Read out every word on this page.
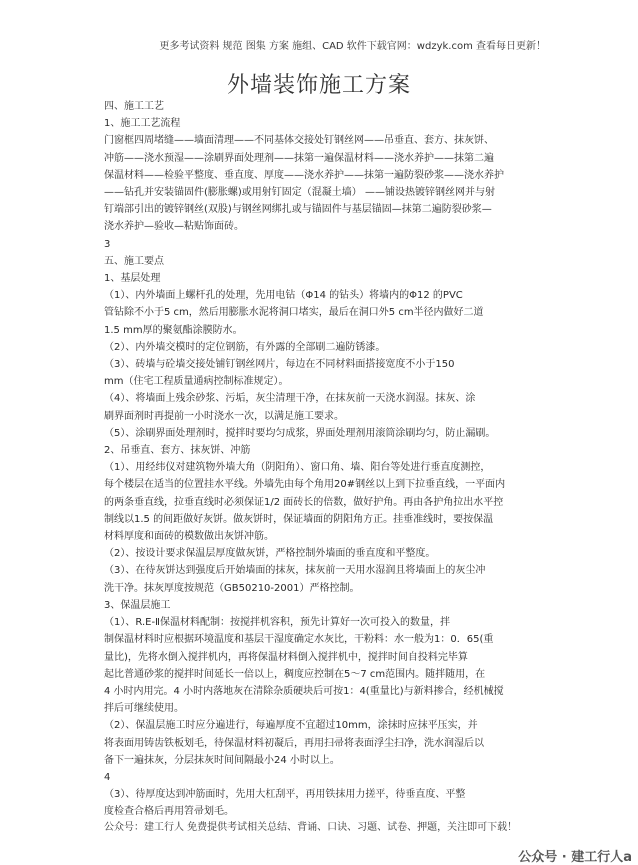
更多考试资料 规范 图集 方案 施组、CAD 软件下载官网：wdzyk.com 查看每日更新！
外墙装饰施工方案
四、施工工艺
1、施工工艺流程
门窗框四周堵缝——墙面清理——不同基体交接处钉钢丝网——吊垂直、套方、抹灰饼、
冲筋——浇水预湿——涂刷界面处理剂——抹第一遍保温材料——浇水养护——抹第二遍
保温材料——检验平整度、垂直度、厚度——浇水养护——抹第一遍防裂砂浆——浇水养护
——钻孔并安装锚固件(膨胀螺)或用射钉固定（混凝土墙） ——铺设热镀锌钢丝网并与射
钉端部引出的镀锌钢丝(双股)与钢丝网绑扎或与锚固件与基层锚固—抹第二遍防裂砂浆—
浇水养护—验收—粘贴饰面砖。
3
五、施工要点
1、基层处理
（1）、内外墙面上螺杆孔的处理，先用电钻（Φ14 的钻头）将墙内的Φ12 的PVC
管钻除不小于5 cm，然后用膨胀水泥将洞口堵实，最后在洞口外5 cm半径内做好二道
1.5 mm厚的聚氨酯涂膜防水。
（2）、内外墙交模时的定位钢筋，有外露的全部刷二遍防锈漆。
（3）、砖墙与砼墙交接处铺钉钢丝网片，每边在不同材料面搭接宽度不小于150
mm（住宅工程质量通病控制标准规定）。
（4）、将墙面上残余砂浆、污垢，灰尘清理干净，在抹灰前一天浇水润湿。抹灰、涂
刷界面剂时再提前一小时浇水一次，以满足施工要求。
（5）、涂刷界面处理剂时，搅拌时要均匀成浆，界面处理剂用滚筒涂刷均匀，防止漏刷。
2、吊垂直、套方、抹灰饼、冲筋
（1）、用经纬仪对建筑物外墙大角（阴阳角）、窗口角、墙、阳台等处进行垂直度测控，
每个楼层在适当的位置挂水平线。外墙先由每个角用20#钢丝以上到下拉垂直线，一平面内
的两条垂直线，拉垂直线时必须保证1/2 面砖长的倍数，做好护角。再由各护角拉出水平控
制线以1.5 的间距做好灰饼。做灰饼时，保证墙面的阴阳角方正。挂垂准线时，要按保温
材料厚度和面砖的模数做出灰饼冲筋。
（2）、按设计要求保温层厚度做灰饼，严格控制外墙面的垂直度和平整度。
（3）、在待灰饼达到强度后开始墙面的抹灰，抹灰前一天用水湿润且将墙面上的灰尘冲
洗干净。抹灰厚度按规范（GB50210-2001）严格控制。
3、保温层施工
（1）、R.E-Ⅱ保温材料配制：按搅拌机容积，预先计算好一次可投入的数量，拌
制保温材料时应根据环境温度和基层干湿度确定水灰比，干粉料：水一般为1：0．65(重
量比)，先将水倒入搅拌机内，再将保温材料倒入搅拌机中，搅拌时间自投料完毕算
起比普通砂浆的搅拌时间延长一倍以上，稠度应控制在5～7 cm范围内。随拌随用，在
4 小时内用完。4 小时内落地灰在清除杂质硬块后可按1：4(重量比)与新料掺合，经机械搅
拌后可继续使用。
（2）、保温层施工时应分遍进行，每遍厚度不宜超过10mm，涂抹时应抹平压实，并
将表面用铸齿铁板划毛，待保温材料初凝后，再用扫帚将表面浮尘扫净，洗水润湿后以
备下一遍抹灰，分层抹灰时间间隔最小24 小时以上。
4
（3）、待厚度达到冲筋面时，先用大杠刮平，再用铁抹用力搓平，待垂直度、平整
度检查合格后再用笤帚划毛。
公众号：建工行人 免费提供考试相关总结、背诵、口诀、习题、试卷、押题，关注即可下载！
公众号 · 建工行人a
